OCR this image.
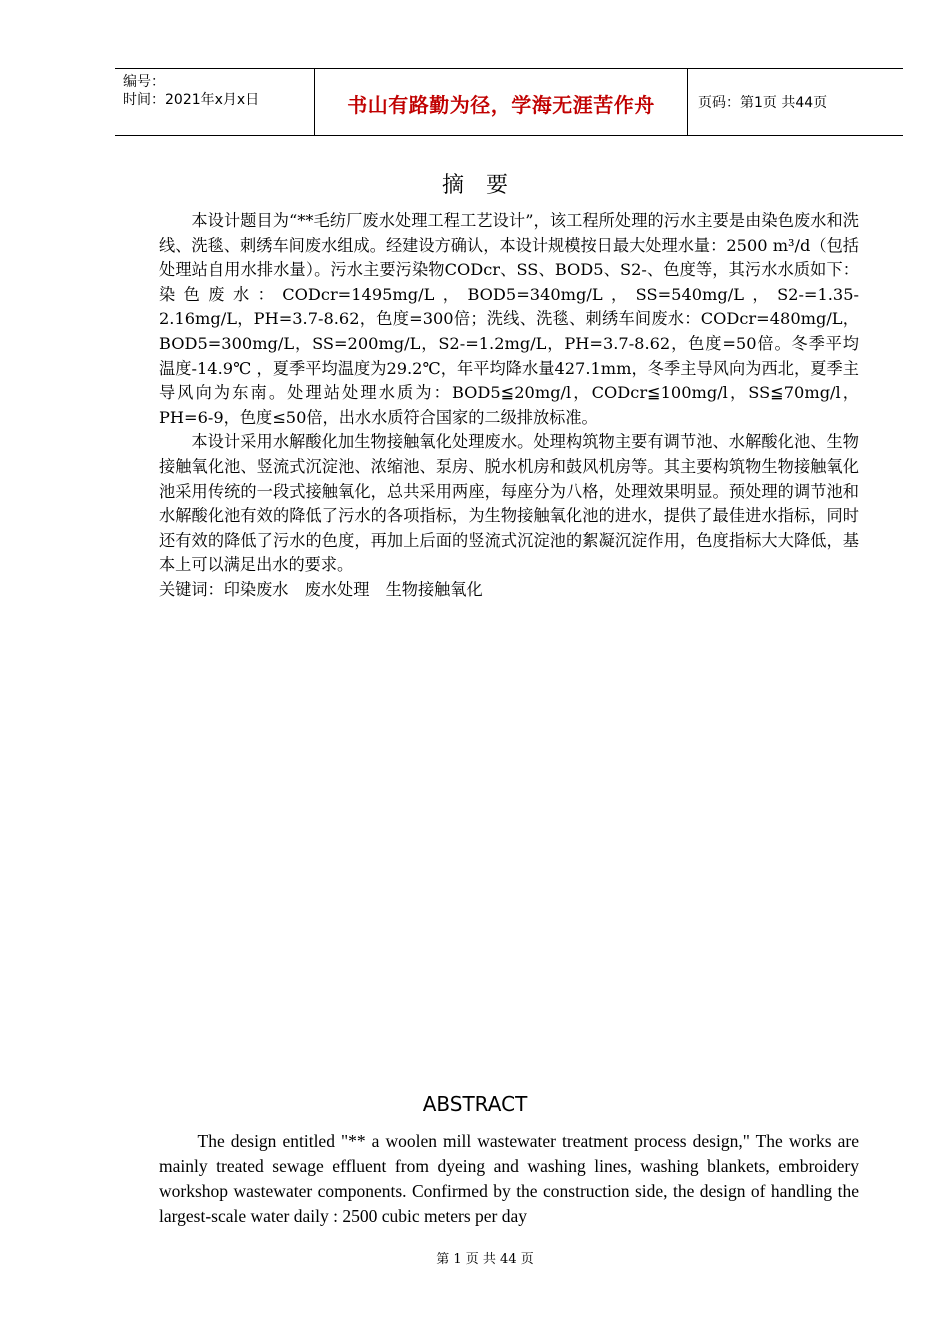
编号：
时间：2021年x月x日	书山有路勤为径，学海无涯苦作舟	页码：第1页 共44页
摘要

本设计题目为“**毛纺厂废水处理工程工艺设计”，该工程所处理的污水主要是由染色废水和洗线、洗毯、刺绣车间废水组成。经建设方确认，本设计规模按日最大处理水量：2500 m³/d（包括处理站自用水排水量）。污水主要污染物CODcr、SS、BOD5、S2-、色度等，其污水水质如下：染色废水：CODcr=1495mg/L，BOD5=340mg/L，SS=540mg/L，S2-=1.35-2.16mg/L，PH=3.7-8.62，色度=300倍；洗线、洗毯、刺绣车间废水：CODcr=480mg/L，BOD5=300mg/L，SS=200mg/L，S2-=1.2mg/L，PH=3.7-8.62，色度=50倍。冬季平均温度-14.9℃ ，夏季平均温度为29.2℃，年平均降水量427.1mm，冬季主导风向为西北，夏季主导风向为东南。处理站处理水质为：BOD5≦20mg/l，CODcr≦100mg/l，SS≦70mg/l，PH=6-9，色度≤50倍，出水水质符合国家的二级排放标准。

本设计采用水解酸化加生物接触氧化处理废水。处理构筑物主要有调节池、水解酸化池、生物接触氧化池、竖流式沉淀池、浓缩池、泵房、脱水机房和鼓风机房等。其主要构筑物生物接触氧化池采用传统的一段式接触氧化，总共采用两座，每座分为八格，处理效果明显。预处理的调节池和水解酸化池有效的降低了污水的各项指标，为生物接触氧化池的进水，提供了最佳进水指标，同时还有效的降低了污水的色度，再加上后面的竖流式沉淀池的絮凝沉淀作用，色度指标大大降低，基本上可以满足出水的要求。

关键词：印染废水 废水处理 生物接触氧化

ABSTRACT

The design entitled "** a woolen mill wastewater treatment process design," The works are mainly treated sewage effluent from dyeing and washing lines, washing blankets, embroidery workshop wastewater components. Confirmed by the construction side, the design of handling the largest-scale water daily : 2500 cubic meters per day

第 1 页 共 44 页
